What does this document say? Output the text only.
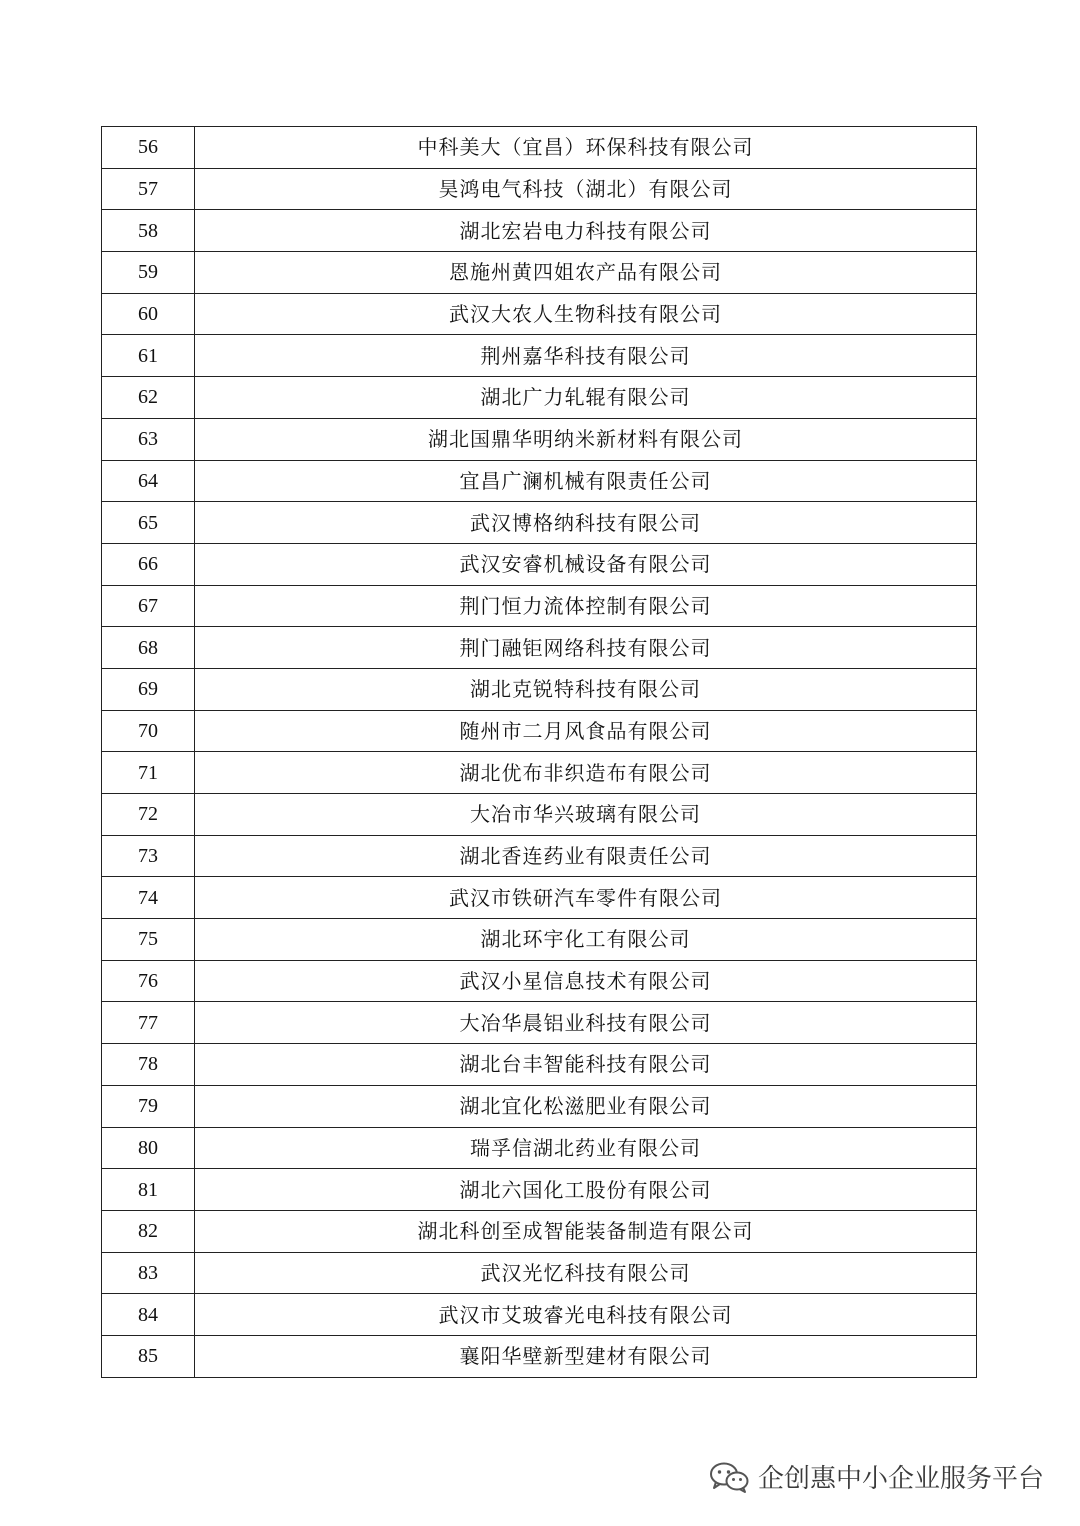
56	中科美大（宜昌）环保科技有限公司
57	昊鸿电气科技（湖北）有限公司
58	湖北宏岩电力科技有限公司
59	恩施州黄四姐农产品有限公司
60	武汉大农人生物科技有限公司
61	荆州嘉华科技有限公司
62	湖北广力轧辊有限公司
63	湖北国鼎华明纳米新材料有限公司
64	宜昌广澜机械有限责任公司
65	武汉博格纳科技有限公司
66	武汉安睿机械设备有限公司
67	荆门恒力流体控制有限公司
68	荆门融钜网络科技有限公司
69	湖北克锐特科技有限公司
70	随州市二月风食品有限公司
71	湖北优布非织造布有限公司
72	大冶市华兴玻璃有限公司
73	湖北香连药业有限责任公司
74	武汉市铁研汽车零件有限公司
75	湖北环宇化工有限公司
76	武汉小星信息技术有限公司
77	大冶华晨铝业科技有限公司
78	湖北台丰智能科技有限公司
79	湖北宜化松滋肥业有限公司
80	瑞孚信湖北药业有限公司
81	湖北六国化工股份有限公司
82	湖北科创至成智能装备制造有限公司
83	武汉光忆科技有限公司
84	武汉市艾玻睿光电科技有限公司
85	襄阳华壁新型建材有限公司
企创惠中小企业服务平台
